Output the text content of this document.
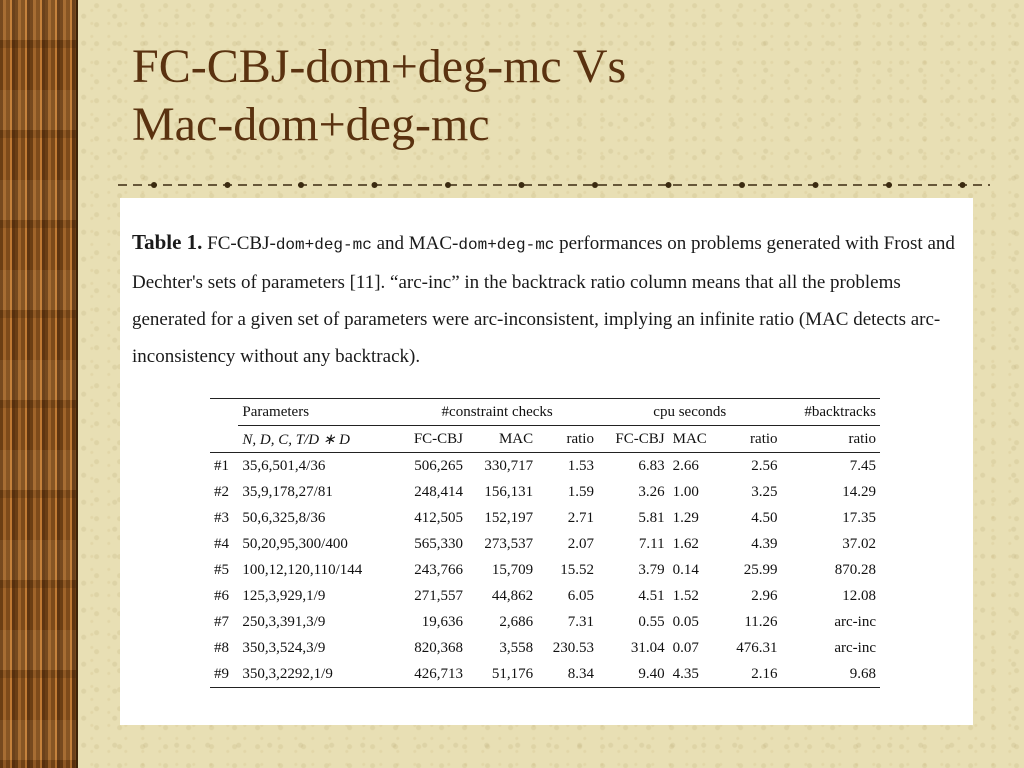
FC-CBJ-dom+deg-mc Vs
Mac-dom+deg-mc
Table 1. FC-CBJ-dom+deg-mc and MAC-dom+deg-mc performances on problems generated with Frost and Dechter's sets of parameters [11]. “arc-inc” in the backtrack ratio column means that all the problems generated for a given set of parameters were arc-inconsistent, implying an infinite ratio (MAC detects arc-inconsistency without any backtrack).
	Parameters	#constraint checks			cpu seconds			#backtracks
	N, D, C, T/D ∗ D	FC-CBJ	MAC	ratio	FC-CBJ	MAC	ratio	ratio
#1	35,6,501,4/36	506,265	330,717	1.53	6.83	2.66	2.56	7.45
#2	35,9,178,27/81	248,414	156,131	1.59	3.26	1.00	3.25	14.29
#3	50,6,325,8/36	412,505	152,197	2.71	5.81	1.29	4.50	17.35
#4	50,20,95,300/400	565,330	273,537	2.07	7.11	1.62	4.39	37.02
#5	100,12,120,110/144	243,766	15,709	15.52	3.79	0.14	25.99	870.28
#6	125,3,929,1/9	271,557	44,862	6.05	4.51	1.52	2.96	12.08
#7	250,3,391,3/9	19,636	2,686	7.31	0.55	0.05	11.26	arc-inc
#8	350,3,524,3/9	820,368	3,558	230.53	31.04	0.07	476.31	arc-inc
#9	350,3,2292,1/9	426,713	51,176	8.34	9.40	4.35	2.16	9.68
